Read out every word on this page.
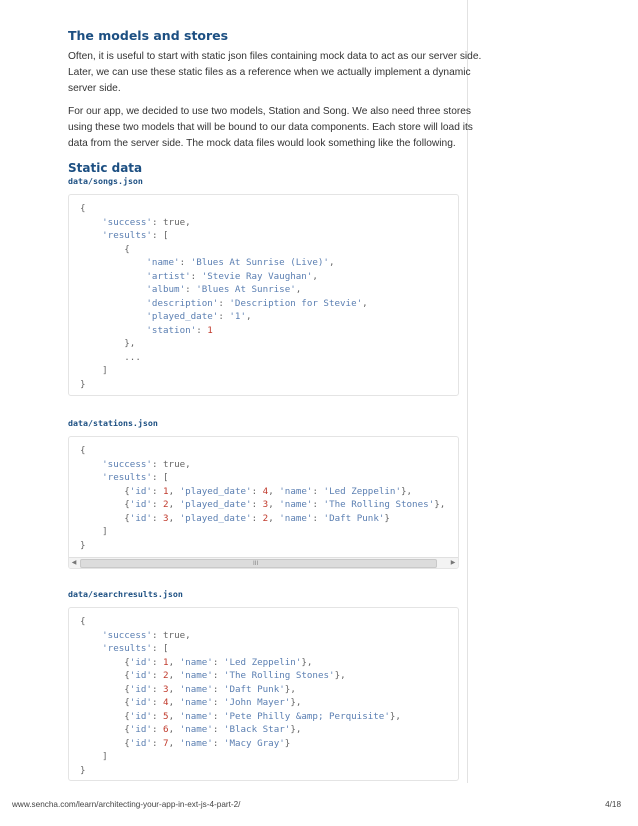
The models and stores

Often, it is useful to start with static json files containing mock data to act as our server side.
Later, we can use these static files as a reference when we actually implement a dynamic
server side.

For our app, we decided to use two models, Station and Song. We also need three stores
using these two models that will be bound to our data components. Each store will load its
data from the server side. The mock data files would look something like the following.

Static data
data/songs.json
{
'success': true,
'results': [
{
'name': 'Blues At Sunrise (Live)',
'artist': 'Stevie Ray Vaughan',
'album': 'Blues At Sunrise',
'description': 'Description for Stevie',
'played_date': '1',
'station': 1
},
...
]
}
data/stations.json
{
'success': true,
'results': [
{'id': 1, 'played_date': 4, 'name': 'Led Zeppelin'},
{'id': 2, 'played_date': 3, 'name': 'The Rolling Stones'},
{'id': 3, 'played_date': 2, 'name': 'Daft Punk'}
]
}
◀	III	▶
data/searchresults.json
{
'success': true,
'results': [
{'id': 1, 'name': 'Led Zeppelin'},
{'id': 2, 'name': 'The Rolling Stones'},
{'id': 3, 'name': 'Daft Punk'},
{'id': 4, 'name': 'John Mayer'},
{'id': 5, 'name': 'Pete Philly &amp; Perquisite'},
{'id': 6, 'name': 'Black Star'},
{'id': 7, 'name': 'Macy Gray'}
]
}
www.sencha.com/learn/architecting-your-app-in-ext-js-4-part-2/	4/18
